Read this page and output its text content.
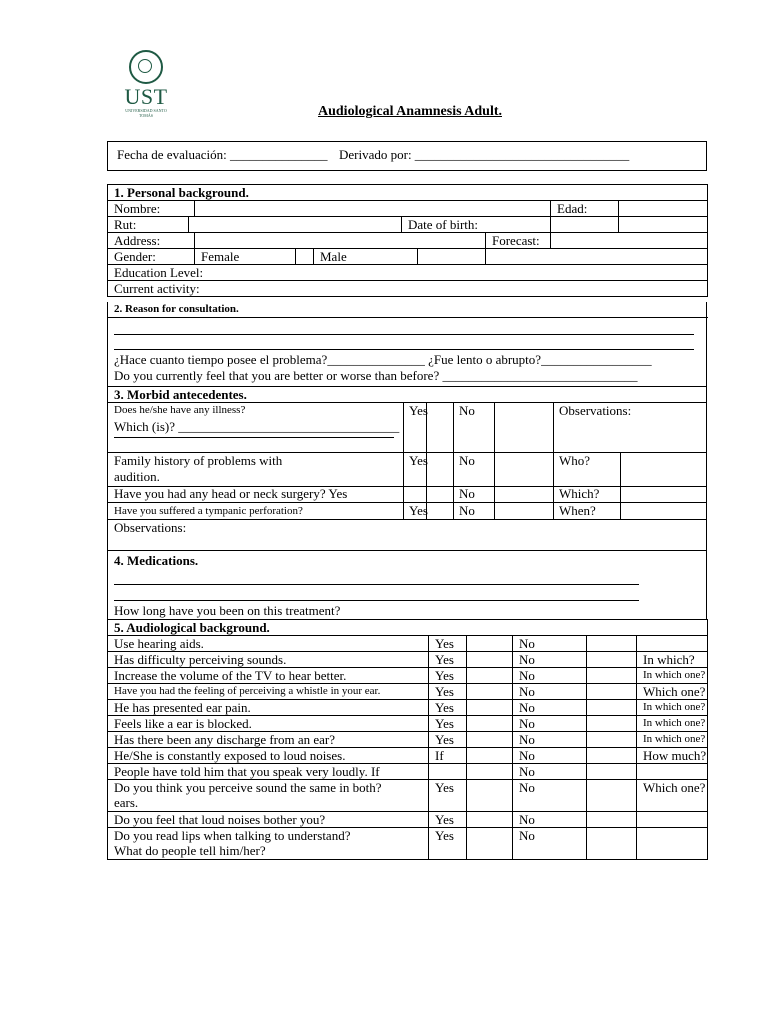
UST
UNIVERSIDAD SANTO TOMÁS	Audiological Anamnesis Adult.
Fecha de evaluación: _______________ Derivado por: _________________________________
1. Personal background.									
Nombre:								Edad:	
Rut:					Date of birth:				
Address:							Forecast:		
Gender:		Female		Male					
Education Level:									
Current activity:									
2. Reason for consultation.
¿Hace cuanto tiempo posee el problema?_______________ ¿Fue lento o abrupto?_________________
Do you currently feel that you are better or worse than before? ______________________________
3. Morbid antecedentes.
Does he/she have any illness?
Which (is)? __________________________________
Yes No	Observations:
Family history of problems with
audition.
Yes No	Who?
Have you had any head or neck surgery? Yes	No	Which?
Have you suffered a tympanic perforation?	Yes No	When?
Observations:
4. Medications.
How long have you been on this treatment?
5. Audiological background.					
Use hearing aids.	Yes		No		
Has difficulty perceiving sounds.	Yes		No		In which?
Increase the volume of the TV to hear better.	Yes		No		In which one?
Have you had the feeling of perceiving a whistle in your ear.	Yes		No		Which one?
He has presented ear pain.	Yes		No		In which one?
Feels like a ear is blocked.	Yes		No		In which one?
Has there been any discharge from an ear?	Yes		No		In which one?
He/She is constantly exposed to loud noises.	If		No		How much?
People have told him that you speak very loudly. If			No		
Do you think you perceive sound the same in both?
ears.	Yes		No		Which one?
Do you feel that loud noises bother you?	Yes		No		
Do you read lips when talking to understand?
What do people tell him/her?	Yes		No		
